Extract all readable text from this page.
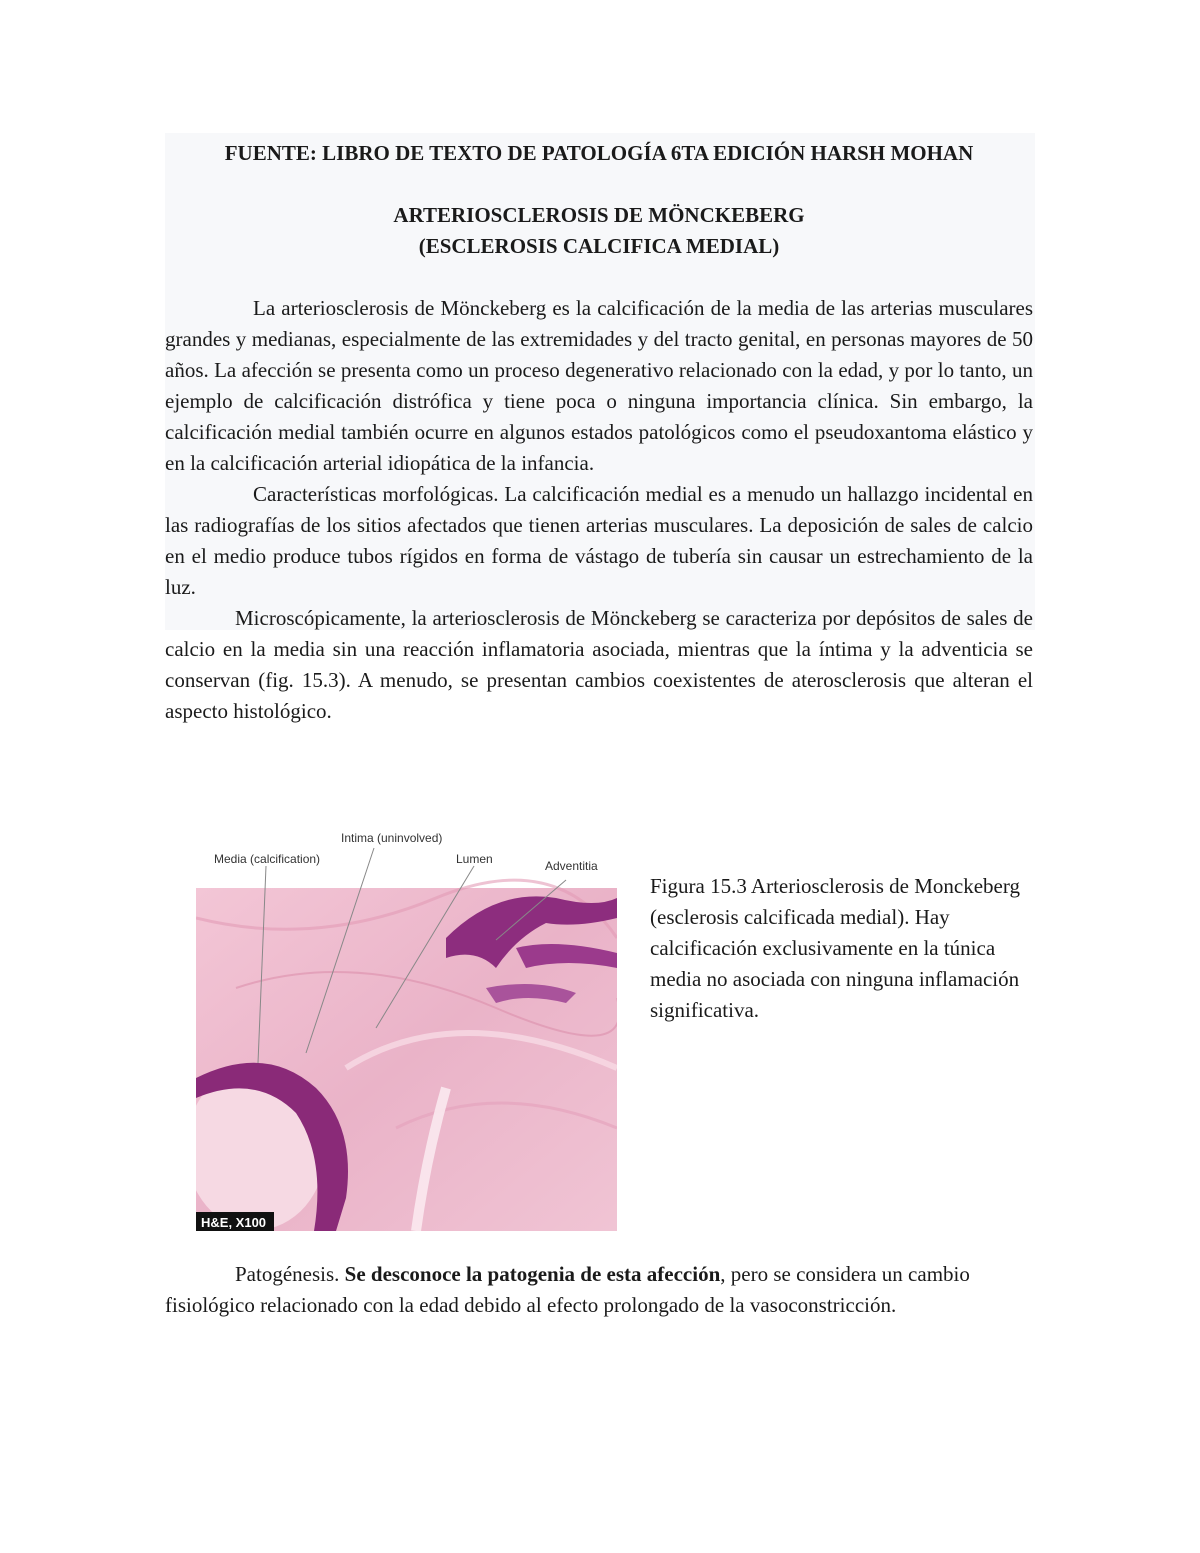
FUENTE: LIBRO DE TEXTO DE PATOLOGÍA 6TA EDICIÓN HARSH MOHAN
ARTERIOSCLEROSIS DE MÖNCKEBERG
(ESCLEROSIS CALCIFICA MEDIAL)

La arteriosclerosis de Mönckeberg es la calcificación de la media de las arterias musculares grandes y medianas, especialmente de las extremidades y del tracto genital, en personas mayores de 50 años. La afección se presenta como un proceso degenerativo relacionado con la edad, y por lo tanto, un ejemplo de calcificación distrófica y tiene poca o ninguna importancia clínica. Sin embargo, la calcificación medial también ocurre en algunos estados patológicos como el pseudoxantoma elástico y en la calcificación arterial idiopática de la infancia.

Características morfológicas. La calcificación medial es a menudo un hallazgo incidental en las radiografías de los sitios afectados que tienen arterias musculares. La deposición de sales de calcio en el medio produce tubos rígidos en forma de vástago de tubería sin causar un estrechamiento de la luz.

Microscópicamente, la arteriosclerosis de Mönckeberg se caracteriza por depósitos de sales de calcio en la media sin una reacción inflamatoria asociada, mientras que la íntima y la adventicia se conservan (fig. 15.3). A menudo, se presentan cambios coexistentes de aterosclerosis que alteran el aspecto histológico.

Intima (uninvolved)
Media (calcification)	Lumen	Adventitia
H&E, X100
Figura 15.3 Arteriosclerosis de Monckeberg (esclerosis calcificada medial). Hay calcificación exclusivamente en la túnica media no asociada con ninguna inflamación significativa.

Patogénesis. Se desconoce la patogenia de esta afección, pero se considera un cambio fisiológico relacionado con la edad debido al efecto prolongado de la vasoconstricción.
